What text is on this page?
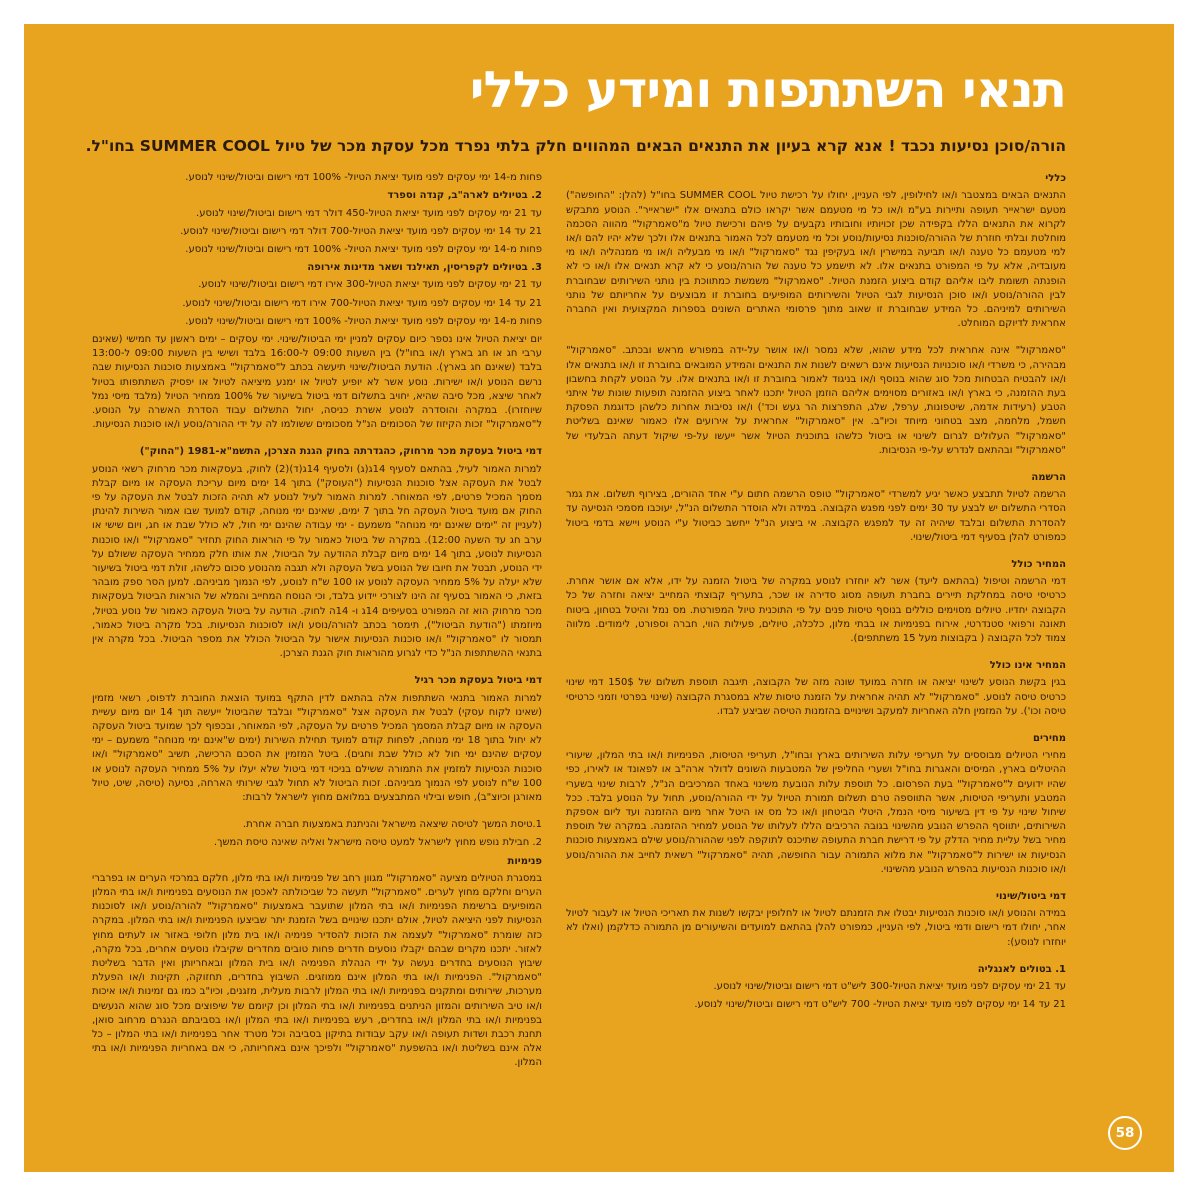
תנאי השתתפות ומידע כללי
הורה/סוכן נסיעות נכבד ! אנא קרא בעיון את התנאים הבאים המהווים חלק בלתי נפרד מכל עסקת מכר של טיול SUMMER COOL בחו"ל.
כללי
התנאים הבאים במצטבר ו/או לחילופין, לפי העניין, יחולו על רכישת טיול SUMMER COOL בחו"ל (להלן: "החופשה") מטעם ישראייר תעופה ותיירות בע"מ ו/או כל מי מטעמם אשר יקראו כולם בתנאים אלו "ישראייר". הנוסע מתבקש לקרוא את התנאים הללו בקפידה שכן זכויותיו וחובותיו נקבעים על פיהם ורכישת טיול מ"סאמרקול" מהווה הסכמה מוחלטת ובלתי חוזרת של ההורה/סוכנות נסיעות/נוסע וכל מי מטעמם לכל האמור בתנאים אלו ולכך שלא יהיו להם ו/או למי מטעמם כל טענה ו/או תביעה במישרין ו/או בעקיפין נגד "סאמרקול" ו/או מי מבעליה ו/או מי ממנהליה ו/או מי מעובדיה, אלא על פי המפורט בתנאים אלו. לא תישמע כל טענה של הורה/נוסע כי לא קרא תנאים אלו ו/או כי לא הופנתה תשומת ליבו אליהם קודם ביצוע הזמנת הטיול. "סאמרקול" משמשת כמתווכת בין נותני השירותים שבחוברת לבין ההורה/נוסע ו/או סוכן הנסיעות לגבי הטיול והשירותים המופיעים בחוברת זו מבוצעים על אחריותם של נותני השירותים למיניהם. כל המידע שבחוברת זו שאוב מתוך פרסומי האתרים השונים בספרות המקצועית ואין החברה אחראית לדיוקם המוחלט.
"סאמרקול" אינה אחראית לכל מידע שהוא, שלא נמסר ו/או אושר על-ידה במפורש מראש ובכתב. "סאמרקול" מבהירה, כי משרדי ו/או סוכנויות הנסיעות אינם רשאים לשנות את התנאים והמידע המובאים בחוברת זו ו/או בתנאים אלו ו/או להבטיח הבטחות מכל סוג שהוא בנוסף ו/או בניגוד לאמור בחוברת זו ו/או בתנאים אלו. על הנוסע לקחת בחשבון בעת ההזמנה, כי בארץ ו/או באזורים מסוימים אליהם הוזמן הטיול יתכנו לאחר ביצוע ההזמנה תופעות שונות של איתני הטבע (רעידות אדמה, שיטפונות, ערפל, שלג, התפרצות הר געש וכד') ו/או נסיבות אחרות כלשהן כדוגמת הפסקת חשמל, מלחמה, מצב בטחוני מיוחד וכיו"ב. אין "סאמרקול" אחראית על אירועים אלו כאמור שאינם בשליטת "סאמרקול" העלולים לגרום לשינוי או ביטול כלשהו בתוכנית הטיול אשר ייעשו על-פי שיקול דעתה הבלעדי של "סאמרקול" ובהתאם לנדרש על-פי הנסיבות.
הרשמה
הרשמה לטיול תתבצע כאשר יגיע למשרדי "סאמרקול" טופס הרשמה חתום ע"י אחד ההורים, בצירוף תשלום. את גמר הסדרי התשלום יש לבצע עד 30 ימים לפני מפגש הקבוצה. במידה ולא הוסדר התשלום הנ"ל, יעוכבו מסמכי הנסיעה עד להסדרת התשלום ובלבד שיהיה זה עד למפגש הקבוצה. אי ביצוע הנ"ל ייחשב כביטול ע"י הנוסע ויישא בדמי ביטול כמפורט להלן בסעיף דמי ביטול/שינוי.
המחיר כולל
דמי הרשמה וטיפול (בהתאם ליעד) אשר לא יוחזרו לנוסע במקרה של ביטול הזמנה על ידו, אלא אם אושר אחרת. כרטיסי טיסה במחלקת תיירים בחברת תעופה מסוג סדירה או שכר, בתעריף קבוצתי המחייב יציאה וחזרה של כל הקבוצה יחדיו. טיולים מסוימים כוללים בנוסף טיסות פנים על פי התוכנית טיול המפורטת. מס נמל והיטל בטחון, ביטוח תאונה ורפואי סטנדרטי, אירוח בפנימיות או בבתי מלון, כלכלה, טיולים, פעילות הווי, חברה וספורט, לימודים. מלווה צמוד לכל הקבוצה ( בקבוצות מעל 15 משתתפים).
המחיר אינו כולל
בגין בקשת הנוסע לשינוי יציאה או חזרה במועד שונה מזה של הקבוצה, תיגבה תוספת תשלום של 150$ דמי שינוי כרטיס טיסה לנוסע. "סאמרקול" לא תהיה אחראית על הזמנת טיסות שלא במסגרת הקבוצה (שינוי בפרטי וזמני כרטיסי טיסה וכו'). על המזמין חלה האחריות למעקב ושינויים בהזמנות הטיסה שביצע לבדו.
מחירים
מחירי הטיולים מבוססים על תעריפי עלות השירותים בארץ ובחו"ל, תעריפי הטיסות, הפנימיות ו/או בתי המלון, שיעורי ההיטלים בארץ, המיסים והאגרות בחו"ל ושערי החליפין של המטבעות השונים לדולר ארה"ב או לפאונד או לאירו, כפי שהיו ידועים ל"סאמרקול" בעת הפרסום. כל תוספת עלות הנובעת משינוי באחד המרכיבים הנ"ל, לרבות שינוי בשערי המטבע ותעריפי הטיסות, אשר התווספה טרם תשלום תמורת הטיול על ידי ההורה/נוסע, תחול על הנוסע בלבד. ככל שיחול שינוי על פי דין בשיעור מיסי הנמל, היטלי הביטחון ו/או כל מס או היטל אחר מיום ההזמנה ועד ליום אספקת השירותים, יתווסף ההפרש הנובע מהשינוי בגובה הרכיבים הללו לעלותו של הנוסע למחיר ההזמנה. במקרה של תוספת מחיר בשל עליית מחיר הדלק על פי דרישת חברת התעופה שתיכנס לתוקפה לפני שההורה/נוסע שילם באמצעות סוכנות הנסיעות או ישירות ל"סאמרקול" את מלוא התמורה עבור החופשה, תהיה "סאמרקול" רשאית לחייב את ההורה/נוסע ו/או סוכנות הנסיעות בהפרש הנובע מהשינוי.
דמי ביטול/שינוי
במידה והנוסע ו/או סוכנות הנסיעות יבטלו את הזמנתם לטיול או לחלופין יבקשו לשנות את תאריכי הטיול או לעבור לטיול אחר, יחולו דמי רישום ודמי ביטול, לפי העניין, כמפורט להלן בהתאם למועדים והשיעורים מן התמורה כדלקמן (ואלו לא יוחזרו לנוסע):
1. בטולים לאנגליה
עד 21 ימי עסקים לפני מועד יציאת הטיול-300 ליש"ט דמי רישום וביטול/שינוי לנוסע.
21 עד 14 ימי עסקים לפני מועד יציאת הטיול- 700 ליש"ט דמי רישום וביטול/שינוי לנוסע.
פחות מ-14 ימי עסקים לפני מועד יציאת הטיול- 100% דמי רישום וביטול/שינוי לנוסע.
2. בטיולים לארה"ב, קנדה וספרד
עד 21 ימי עסקים לפני מועד יציאת הטיול-450 דולר דמי רישום וביטול/שינוי לנוסע.
21 עד 14 ימי עסקים לפני מועד יציאת הטיול-700 דולר דמי רישום וביטול/שינוי לנוסע.
פחות מ-14 ימי עסקים לפני מועד יציאת הטיול- 100% דמי רישום וביטול/שינוי לנוסע.
3. בטיולים לקפריסין, תאילנד ושאר מדינות אירופה
עד 21 ימי עסקים לפני מועד יציאת הטיול-300 אירו דמי רישום וביטול/שינוי לנוסע.
21 עד 14 ימי עסקים לפני מועד יציאת הטיול-700 אירו דמי רישום וביטול/שינוי לנוסע.
פחות מ-14 ימי עסקים לפני מועד יציאת הטיול- 100% דמי רישום וביטול/שינוי לנוסע.
יום יציאת הטיול אינו נספר כיום עסקים למניין ימי הביטול/שינוי. ימי עסקים – ימים ראשון עד חמישי (שאינם ערבי חג או חג בארץ ו/או בחו"ל) בין השעות 09:00 ל-16:00 בלבד ושישי בין השעות 09:00 ל-13:00 בלבד (שאינם חג בארץ). הודעת הביטול/שינוי תיעשה בכתב ל"סאמרקול" באמצעות סוכנות הנסיעות שבה נרשם הנוסע ו/או ישירות. נוסע אשר לא יופיע לטיול או ימנע מיציאה לטיול או יפסיק השתתפותו בטיול לאחר שיצא, מכל סיבה שהיא, יחויב בתשלום דמי ביטול בשיעור של 100% ממחיר הטיול (מלבד מיסי נמל שיוחזרו). במקרה והוסדרה לנוסע אשרת כניסה, יחול התשלום עבוד הסדרת האשרה על הנוסע. ל"סאמרקול" זכות הקיזוז של הסכומים הנ"ל מסכומים ששולמו לה על ידי ההורה/נוסע ו/או סוכנות הנסיעות.
דמי ביטול בעסקת מכר מרחוק, כהגדרתה בחוק הגנת הצרכן, התשמ"א-1981 ("החוק")
למרות האמור לעיל, בהתאם לסעיף 14ג(ג) ולסעיף 14ג(ד)(2) לחוק, בעסקאות מכר מרחוק רשאי הנוסע לבטל את העסקה אצל סוכנות הנסיעות ("העוסק") בתוך 14 ימים מיום עריכת העסקה או מיום קבלת מסמך המכיל פרטים, לפי המאוחר. למרות האמור לעיל לנוסע לא תהיה הזכות לבטל את העסקה על פי החוק אם מועד ביטול העסקה חל בתוך 7 ימים, שאינם ימי מנוחה, קודם למועד שבו אמור השירות להינתן (לעניין זה "ימים שאינם ימי מנוחה" משמעם - ימי עבודה שהינם ימי חול, לא כולל שבת או חג, ויום שישי או ערב חג עד השעה 12:00). במקרה של ביטול כאמור על פי הוראות החוק תחזיר "סאמרקול" ו/או סוכנות הנסיעות לנוסע, בתוך 14 ימים מיום קבלת ההודעה על הביטול, את אותו חלק ממחיר העסקה ששולם על ידי הנוסע, תבטל את חיובו של הנוסע בשל העסקה ולא תגבה מהנוסע סכום כלשהו, זולת דמי ביטול בשיעור שלא יעלה על 5% ממחיר העסקה לנוסע או 100 ש"ח לנוסע, לפי הנמוך מביניהם. למען הסר ספק מובהר בזאת, כי האמור בסעיף זה הינו לצורכי יידוע בלבד, וכי הנוסח המחייב והמלא של הוראות הביטול בעסקאות מכר מרחוק הוא זה המפורט בסעיפים 14ג ו- 14ה לחוק. הודעה על ביטול העסקה כאמור של נוסע בטיול, מיוזמתו ("הודעת הביטול"), תימסר בכתב להורה/נוסע ו/או לסוכנות הנסיעות. בכל מקרה ביטול כאמור, תמסור לו "סאמרקול" ו/או סוכנות הנסיעות אישור על הביטול הכולל את מספר הביטול. בכל מקרה אין בתנאי ההשתתפות הנ"ל כדי לגרוע מהוראות חוק הגנת הצרכן.
דמי ביטול בעסקת מכר רגיל
למרות האמור בתנאי השתתפות אלה בהתאם לדין התקף במועד הוצאת החוברת לדפוס, רשאי מזמין (שאינו לקוח עסקי) לבטל את העסקה אצל "סאמרקול" ובלבד שהביטול ייעשה תוך 14 יום מיום עשיית העסקה או מיום קבלת המסמך המכיל פרטים על העסקה, לפי המאוחר, ובכפוף לכך שמועד ביטול העסקה לא יחול בתוך 18 ימי מנוחה, לפחות קודם למועד תחילת השירות (ימים ש"אינם ימי מנוחה" משמעם – ימי עסקים שהינם ימי חול לא כולל שבת וחגים). ביטל המזמין את הסכם הרכישה, תשיב "סאמרקול" ו/או סוכנות הנסיעות למזמין את התמורה ששילם בניכוי דמי ביטול שלא יעלו על 5% ממחיר העסקה לנוסע או 100 ש"ח לנוסע לפי הנמוך מביניהם. זכות הביטול לא תחול לגבי שירותי הארחה, נסיעה (טיסה, שיט, טיול מאורגן וכיוצ"ב), חופש ובילוי המתבצעים במלואם מחוץ לישראל לרבות:
1.טיסת המשך לטיסה שיצאה מישראל והניתנת באמצעות חברה אחרת.
2. חבילת נופש מחוץ לישראל למעט טיסה מישראל ואליה שאינה טיסת המשך.
פנימיות
במסגרת הטיולים מציעה "סאמרקול" מגוון רחב של פנימיות ו/או בתי מלון, חלקם במרכזי הערים או בפרברי הערים וחלקם מחוץ לערים. "סאמרקול" תעשה כל שביכולתה לאכסן את הנוסעים בפנימיות ו/או בתי המלון המופיעים ברשימת הפנימיות ו/או בתי המלון שתועבר באמצעות "סאמרקול" להורה/נוסע ו/או לסוכנות הנסיעות לפני היציאה לטיול, אולם יתכנו שינויים בשל הזמנת יתר שביצעו הפנימיות ו/או בתי המלון. במקרה כזה שומרת "סאמרקול" לעצמה את הזכות להסדיר פנימיה ו/או בית מלון חלופי באזור או לעתים מחוץ לאזור. יתכנו מקרים שבהם יקבלו נוסעים חדרים פחות טובים מחדרים שקיבלו נוסעים אחרים, בכל מקרה, שיבוץ הנוסעים בחדרים נעשה על ידי הנהלת הפנימיה ו/או בית המלון ובאחריותן ואין הדבר בשליטת "סאמרקול". הפנימיות ו/או בתי המלון אינם ממוזגים. השיבוץ בחדרים, תחזוקה, תקינות ו/או הפעלת מערכות, שירותים ומתקנים בפנימיות ו/או בתי המלון לרבות מעלית, מזגנים, וכיו"ב כמו גם זמינות ו/או איכות ו/או טיב השירותים והמזון הניתנים בפנימיות ו/או בתי המלון וכן קיומם של שיפוצים מכל סוג שהוא הנעשים בפנימיות ו/או בתי המלון ו/או בחדרים, רעש בפנימיות ו/או בתי המלון ו/או בסביבתם הנגרם מרחוב סואן, תחנת רכבת ושדות תעופה ו/או עקב עבודות בתיקון בסביבה וכל מטרד אחר בפנימיות ו/או בתי המלון – כל אלה אינם בשליטת ו/או בהשפעת "סאמרקול" ולפיכך אינם באחריותה, כי אם באחריות הפנימיות ו/או בתי המלון.
58
